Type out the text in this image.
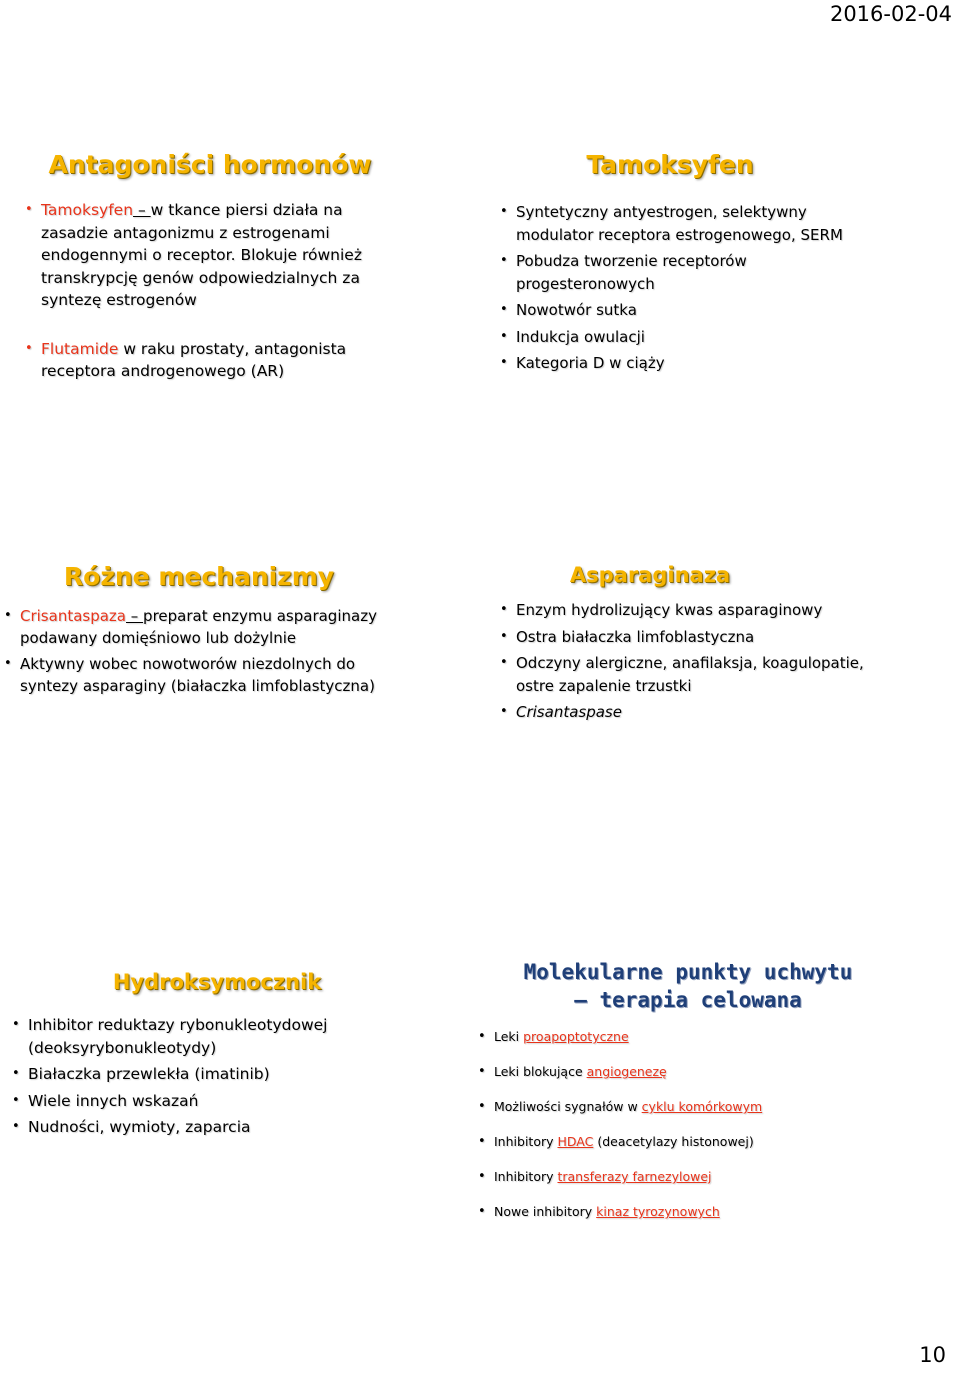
2016-02-04
Antagoniści hormonów
• Tamoksyfen – w tkance piersi działa na zasadzie antagonizmu z estrogenami endogennymi o receptor. Blokuje również transkrypcję genów odpowiedzialnych za syntezę estrogenów
• Flutamide w raku prostaty, antagonista receptora androgenowego (AR)
Tamoksyfen
• Syntetyczny antyestrogen, selektywny modulator receptora estrogenowego, SERM
• Pobudza tworzenie receptorów progesteronowych
• Nowotwór sutka
• Indukcja owulacji
• Kategoria D w ciąży
Różne mechanizmy
• Crisantaspaza – preparat enzymu asparaginazy podawany domięśniowo lub dożylnie
• Aktywny wobec nowotworów niezdolnych do syntezy asparaginy (białaczka limfoblastyczna)
Asparaginaza
• Enzym hydrolizujący kwas asparaginowy
• Ostra białaczka limfoblastyczna
• Odczyny alergiczne, anafilaksja, koagulopatie, ostre zapalenie trzustki
• Crisantaspase
Hydroksymocznik
• Inhibitor reduktazy rybonukleotydowej (deoksyrybonukleotydy)
• Białaczka przewlekła (imatinib)
• Wiele innych wskazań
• Nudności, wymioty, zaparcia
Molekularne punkty uchwytu
– terapia celowana
• Leki proapoptotyczne
• Leki blokujące angiogenezę
• Możliwości sygnałów w cyklu komórkowym
• Inhibitory HDAC (deacetylazy histonowej)
• Inhibitory transferazy farnezylowej
• Nowe inhibitory kinaz tyrozynowych
10
